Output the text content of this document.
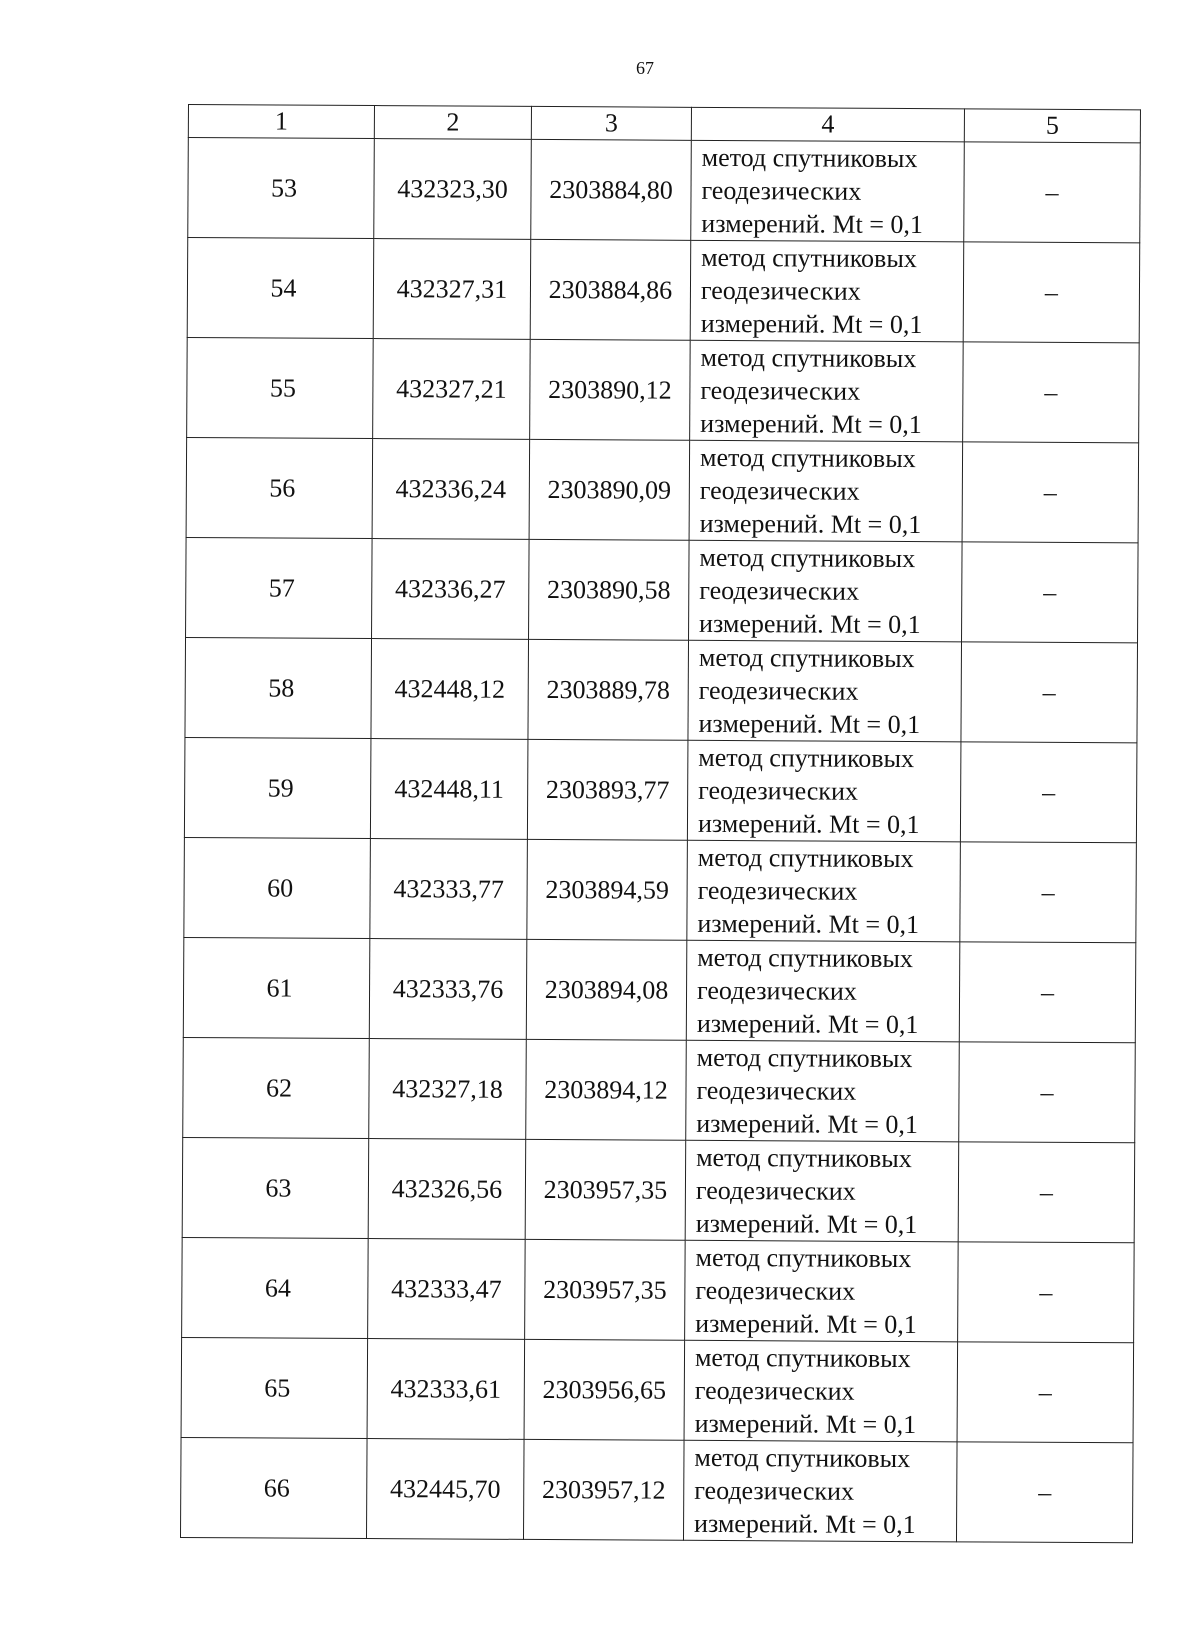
67
1	2	3	4	5
53	432323,30	2303884,80	метод спутниковых
геодезических
измерений. Mt = 0,1	–
54	432327,31	2303884,86	метод спутниковых
геодезических
измерений. Mt = 0,1	–
55	432327,21	2303890,12	метод спутниковых
геодезических
измерений. Mt = 0,1	–
56	432336,24	2303890,09	метод спутниковых
геодезических
измерений. Mt = 0,1	–
57	432336,27	2303890,58	метод спутниковых
геодезических
измерений. Mt = 0,1	–
58	432448,12	2303889,78	метод спутниковых
геодезических
измерений. Mt = 0,1	–
59	432448,11	2303893,77	метод спутниковых
геодезических
измерений. Mt = 0,1	–
60	432333,77	2303894,59	метод спутниковых
геодезических
измерений. Mt = 0,1	–
61	432333,76	2303894,08	метод спутниковых
геодезических
измерений. Mt = 0,1	–
62	432327,18	2303894,12	метод спутниковых
геодезических
измерений. Mt = 0,1	–
63	432326,56	2303957,35	метод спутниковых
геодезических
измерений. Mt = 0,1	–
64	432333,47	2303957,35	метод спутниковых
геодезических
измерений. Mt = 0,1	–
65	432333,61	2303956,65	метод спутниковых
геодезических
измерений. Mt = 0,1	–
66	432445,70	2303957,12	метод спутниковых
геодезических
измерений. Mt = 0,1	–
